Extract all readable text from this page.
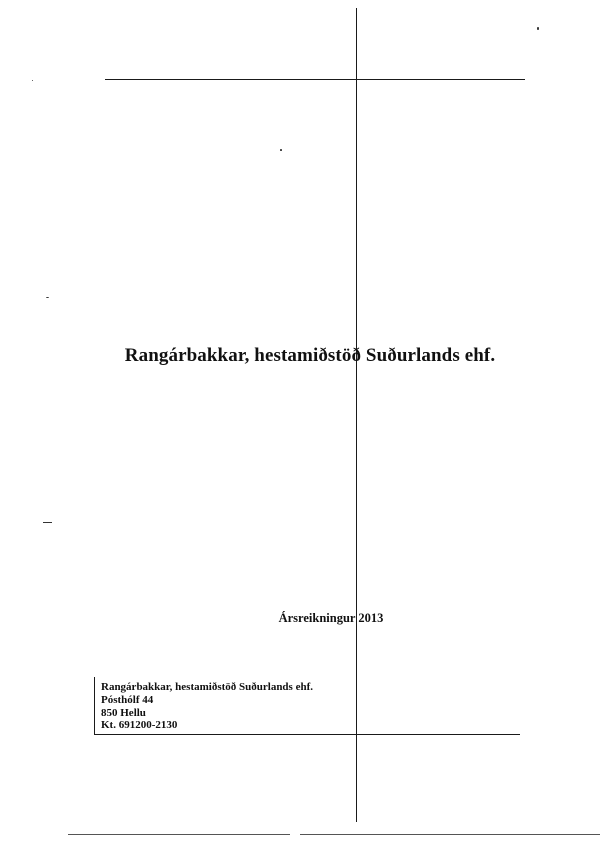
Rangárbakkar, hestamiðstöð Suðurlands ehf.
Ársreikningur 2013
Rangárbakkar, hestamiðstöð Suðurlands ehf.
Pósthólf 44
850 Hellu
Kt. 691200-2130
